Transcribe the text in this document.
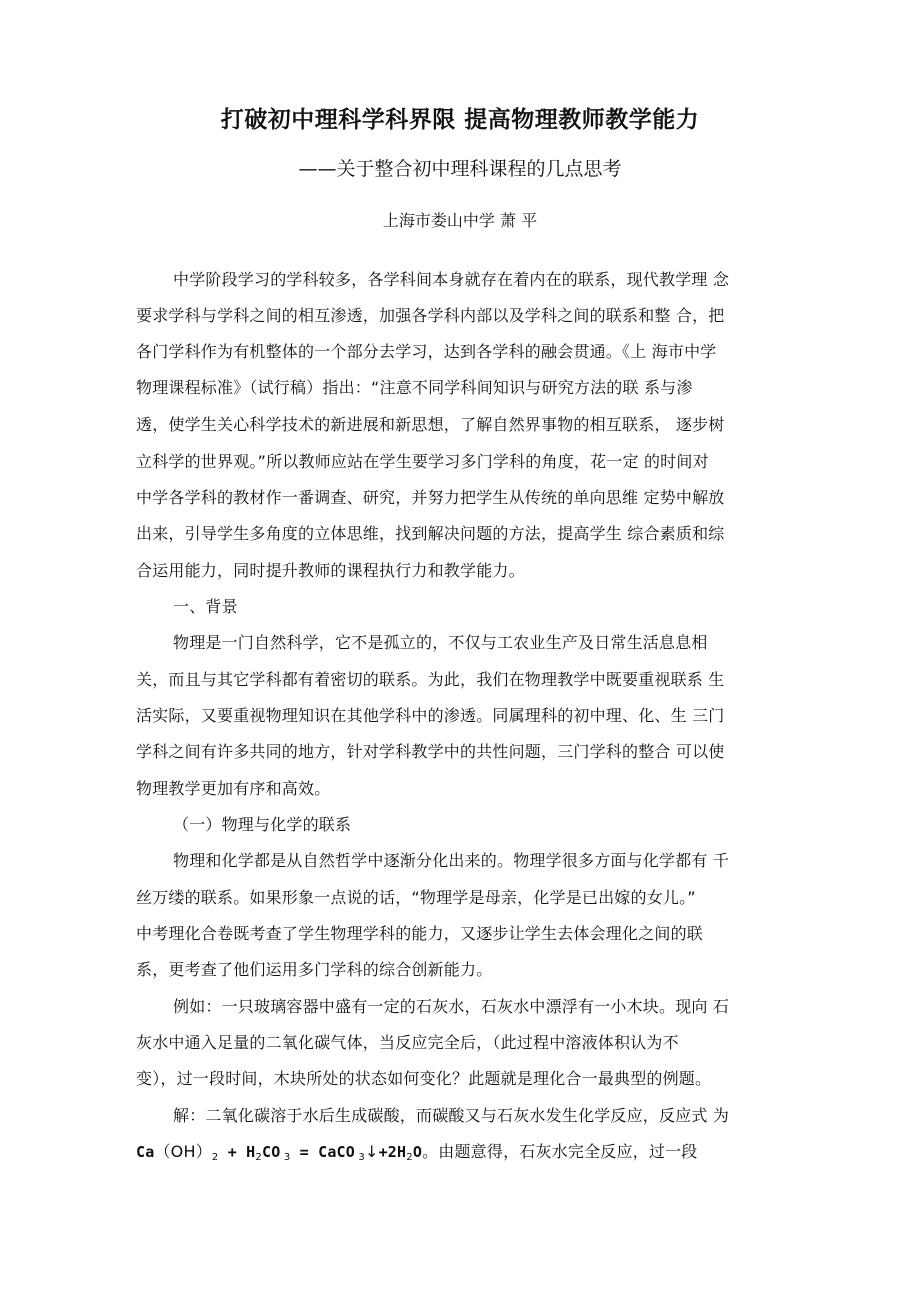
打破初中理科学科界限 提高物理教师教学能力
——关于整合初中理科课程的几点思考
上海市娄山中学 萧 平
中学阶段学习的学科较多，各学科间本身就存在着内在的联系，现代教学理 念
要求学科与学科之间的相互渗透，加强各学科内部以及学科之间的联系和整 合，把
各门学科作为有机整体的一个部分去学习，达到各学科的融会贯通。《上 海市中学
物理课程标准》（试行稿）指出：“注意不同学科间知识与研究方法的联 系与渗
透，使学生关心科学技术的新进展和新思想，了解自然界事物的相互联系， 逐步树
立科学的世界观。”所以教师应站在学生要学习多门学科的角度，花一定 的时间对
中学各学科的教材作一番调查、研究，并努力把学生从传统的单向思维 定势中解放
出来，引导学生多角度的立体思维，找到解决问题的方法，提高学生 综合素质和综
合运用能力，同时提升教师的课程执行力和教学能力。
一、背景
物理是一门自然科学，它不是孤立的，不仅与工农业生产及日常生活息息相
关，而且与其它学科都有着密切的联系。为此，我们在物理教学中既要重视联系 生
活实际，又要重视物理知识在其他学科中的渗透。同属理科的初中理、化、生 三门
学科之间有许多共同的地方，针对学科教学中的共性问题，三门学科的整合 可以使
物理教学更加有序和高效。
（一）物理与化学的联系
物理和化学都是从自然哲学中逐渐分化出来的。物理学很多方面与化学都有 千
丝万缕的联系。如果形象一点说的话，“物理学是母亲，化学是已出嫁的女儿。”
中考理化合卷既考查了学生物理学科的能力，又逐步让学生去体会理化之间的联
系，更考查了他们运用多门学科的综合创新能力。
例如：一只玻璃容器中盛有一定的石灰水，石灰水中漂浮有一小木块。现向 石
灰水中通入足量的二氧化碳气体，当反应完全后，（此过程中溶液体积认为不
变），过一段时间，木块所处的状态如何变化？此题就是理化合一最典型的例题。
解：二氧化碳溶于水后生成碳酸，而碳酸又与石灰水发生化学反应，反应式 为
$Ca(OH)_2 + H_2CO$ $_3$ = CaCO $_3↓+2H_2O$。由题意得，石灰水完全反应，过一段
